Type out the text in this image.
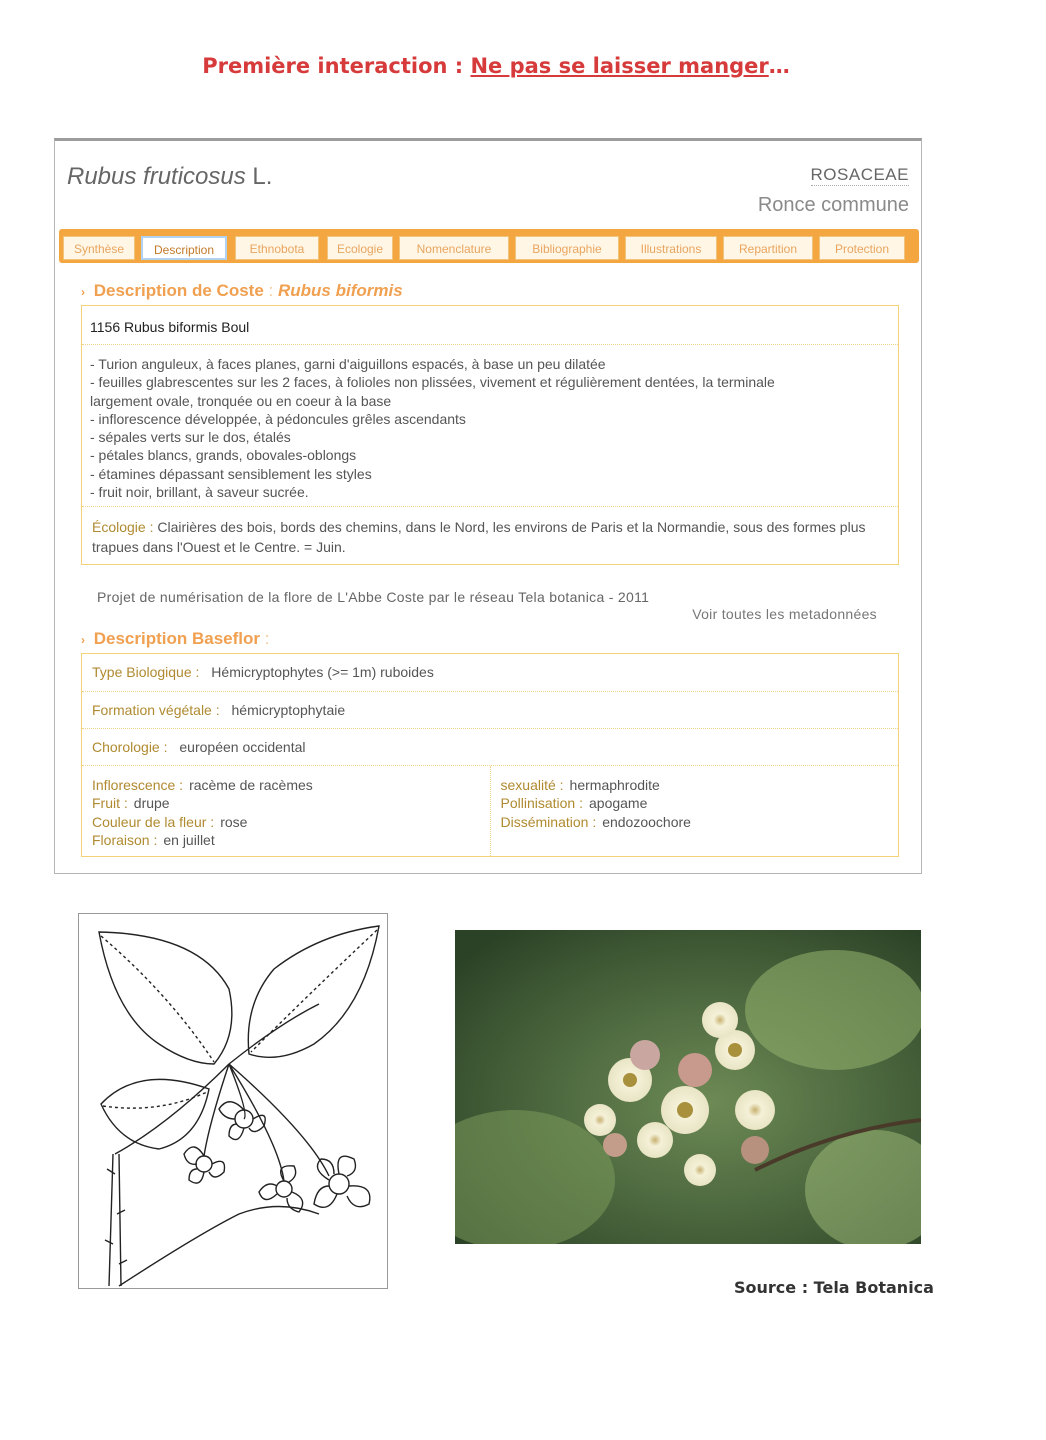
Première interaction : Ne pas se laisser manger…
Rubus fruticosus L.	ROSACEAE
Ronce commune
Synthèse	Description	Ethnobota	Ecologie	Nomenclature	Bibliographie	Illustrations	Repartition	Protection
› Description de Coste : Rubus biformis
1156 Rubus biformis Boul
- Turion anguleux, à faces planes, garni d'aiguillons espacés, à base un peu dilatée
- feuilles glabrescentes sur les 2 faces, à folioles non plissées, vivement et régulièrement dentées, la terminale
largement ovale, tronquée ou en coeur à la base
- inflorescence développée, à pédoncules grêles ascendants
- sépales verts sur le dos, étalés
- pétales blancs, grands, obovales-oblongs
- étamines dépassant sensiblement les styles
- fruit noir, brillant, à saveur sucrée.
Écologie : Clairières des bois, bords des chemins, dans le Nord, les environs de Paris et la Normandie, sous des formes plus trapues dans l'Ouest et le Centre. = Juin.
Projet de numérisation de la flore de L'Abbe Coste par le réseau Tela botanica - 2011
Voir toutes les metadonnées
› Description Baseflor :
Type Biologique : Hémicryptophytes (>= 1m) ruboides
Formation végétale : hémicryptophytaie
Chorologie : européen occidental
Inflorescence : racème de racèmes
Fruit : drupe
Couleur de la fleur : rose
Floraison : en juillet
sexualité : hermaphrodite
Pollinisation : apogame
Dissémination : endozoochore
Source : Tela Botanica
